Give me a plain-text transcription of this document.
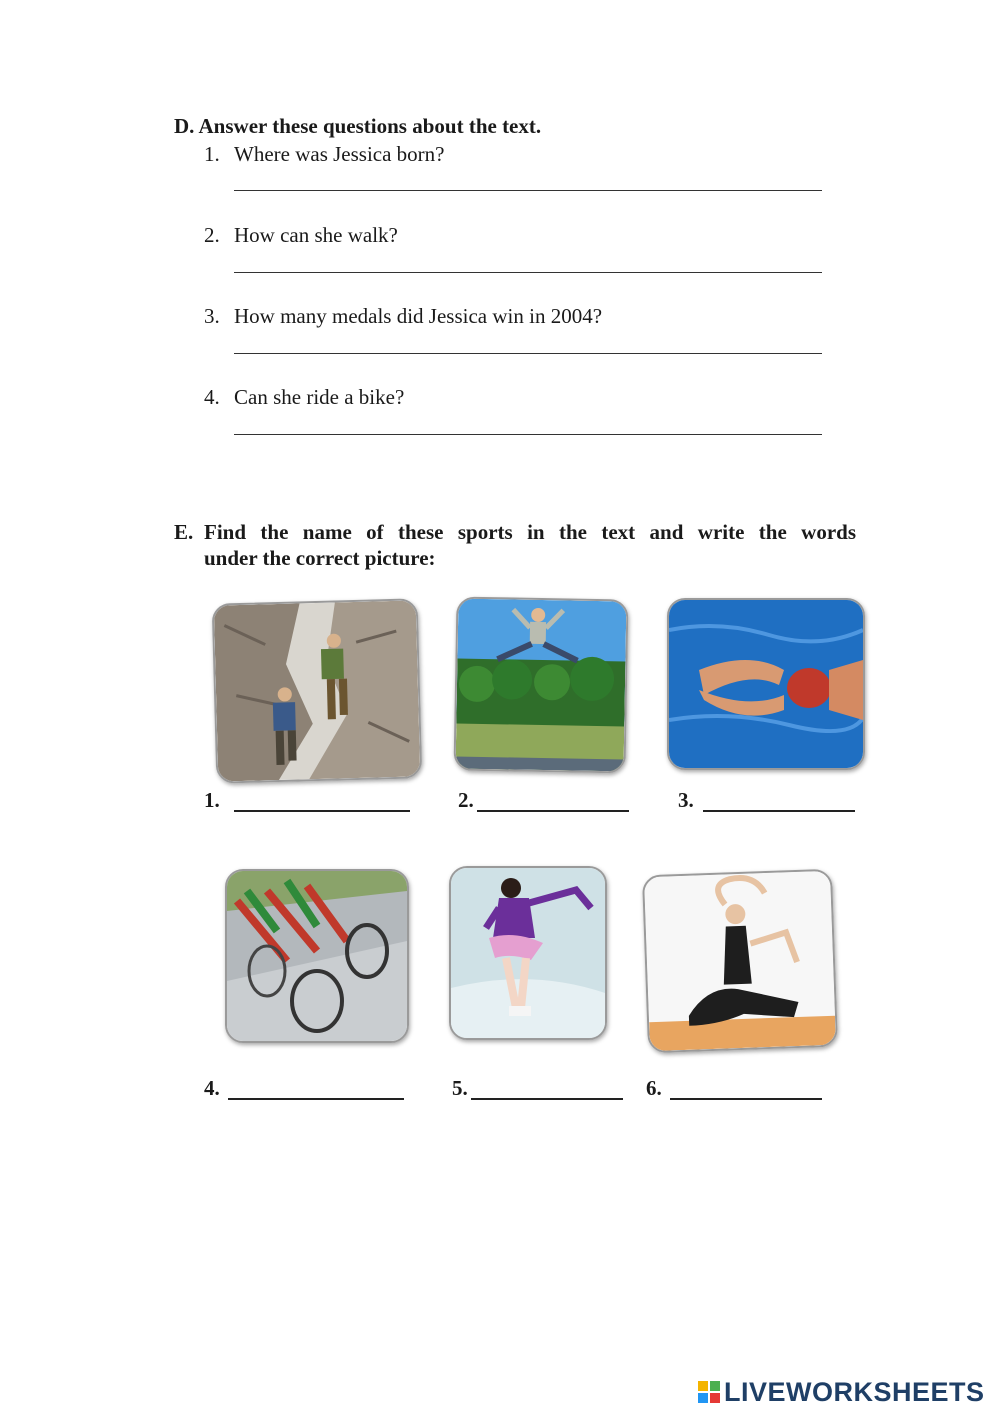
D. Answer these questions about the text.
1. Where was Jessica born?
2. How can she walk?
3. How many medals did Jessica win in 2004?
4. Can she ride a bike?
E. Find the name of these sports in the text and write the words
under the correct picture:
1.	2.	3.
4.	5.	6.
LIVEWORKSHEETS
